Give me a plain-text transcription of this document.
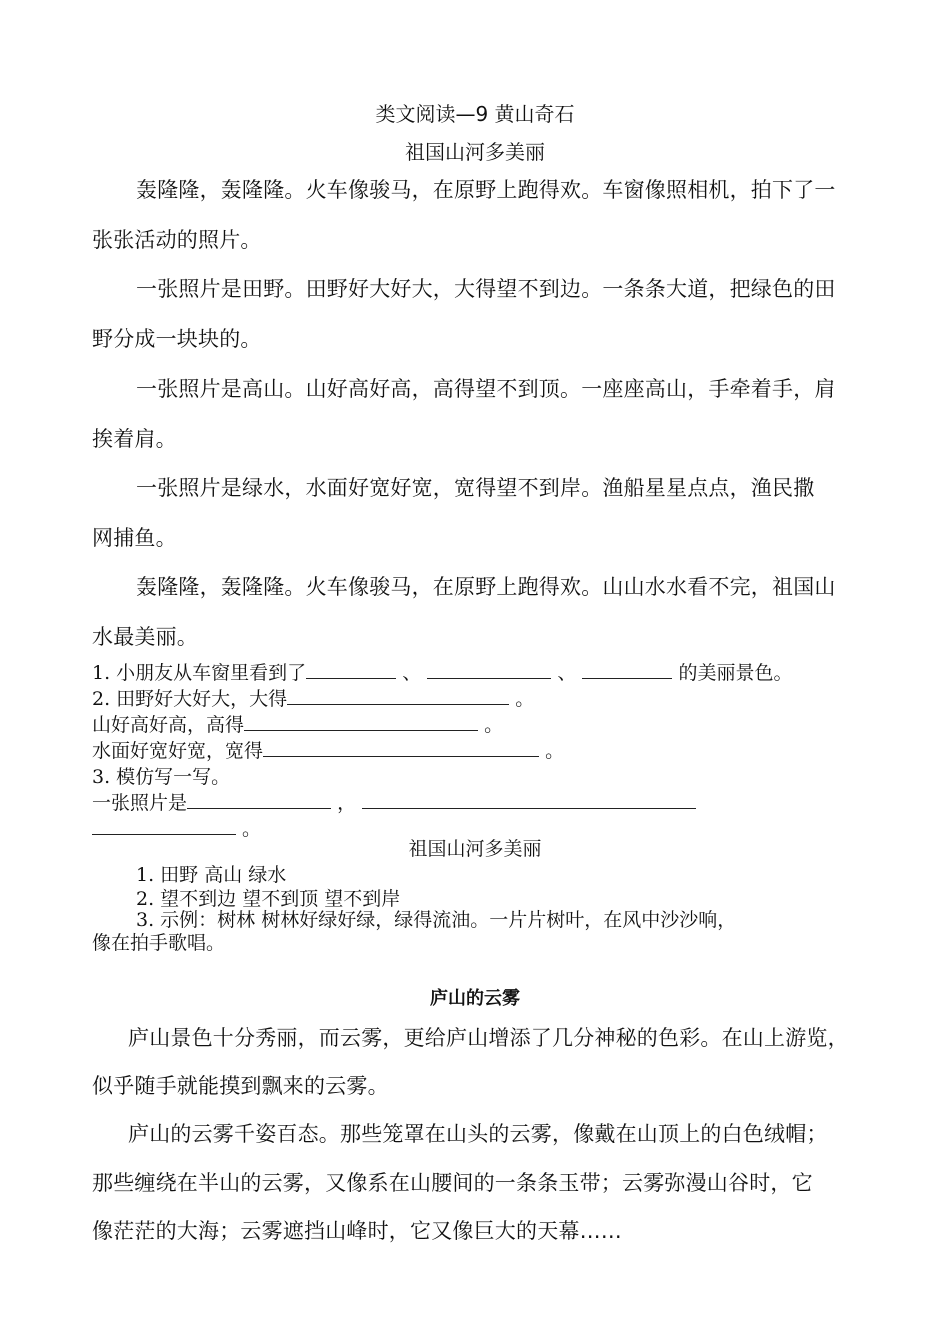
类文阅读—9 黄山奇石
祖国山河多美丽
轰隆隆，轰隆隆。火车像骏马，在原野上跑得欢。车窗像照相机，拍下了一
张张活动的照片。
一张照片是田野。田野好大好大，大得望不到边。一条条大道，把绿色的田
野分成一块块的。
一张照片是高山。山好高好高，高得望不到顶。一座座高山，手牵着手，肩
挨着肩。
一张照片是绿水，水面好宽好宽，宽得望不到岸。渔船星星点点，渔民撒
网捕鱼。
轰隆隆，轰隆隆。火车像骏马，在原野上跑得欢。山山水水看不完，祖国山
水最美丽。
1. 小朋友从车窗里看到了	、	、	的美丽景色。
2. 田野好大好大，大得	。
山好高好高，高得	。
水面好宽好宽，宽得	。
3. 模仿写一写。
一张照片是	，
。
祖国山河多美丽
1. 田野 高山 绿水
2. 望不到边 望不到顶 望不到岸
3. 示例：树林 树林好绿好绿，绿得流油。一片片树叶，在风中沙沙响，
像在拍手歌唱。
庐山的云雾
庐山景色十分秀丽，而云雾，更给庐山增添了几分神秘的色彩。在山上游览，
似乎随手就能摸到飘来的云雾。
庐山的云雾千姿百态。那些笼罩在山头的云雾，像戴在山顶上的白色绒帽；
那些缠绕在半山的云雾，又像系在山腰间的一条条玉带；云雾弥漫山谷时，它
像茫茫的大海；云雾遮挡山峰时，它又像巨大的天幕……
